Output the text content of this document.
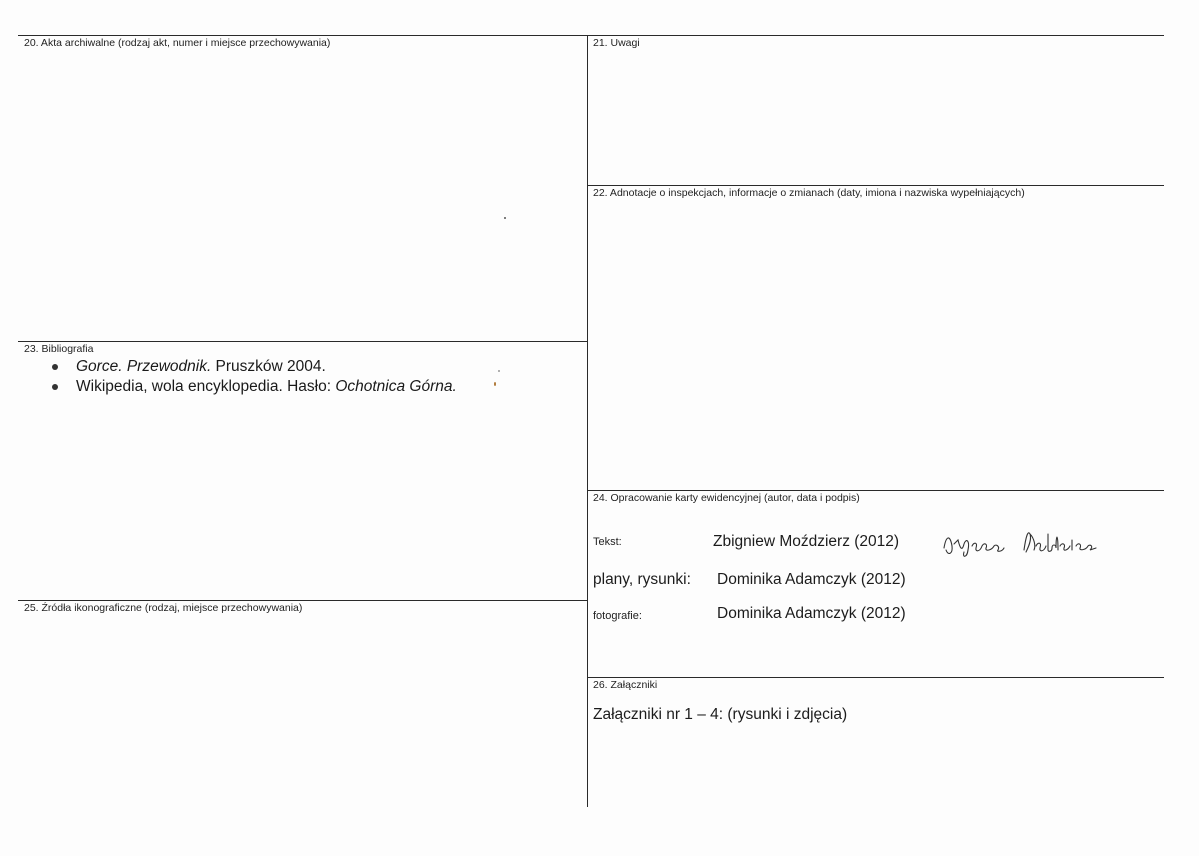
20. Akta archiwalne (rodzaj akt, numer i miejsce przechowywania)	21. Uwagi
22. Adnotacje o inspekcjach, informacje o zmianach (daty, imiona i nazwiska wypełniających)
23. Bibliografia
Gorce. Przewodnik. Pruszków 2004.
Wikipedia, wola encyklopedia. Hasło: Ochotnica Górna.
24. Opracowanie karty ewidencyjnej (autor, data i podpis)
Tekst:	Zbigniew Moździerz (2012)
plany, rysunki: Dominika Adamczyk (2012)
fotografie:	Dominika Adamczyk (2012)
25. Źródła ikonograficzne (rodzaj, miejsce przechowywania)
26. Załączniki
Załączniki nr 1 – 4: (rysunki i zdjęcia)
